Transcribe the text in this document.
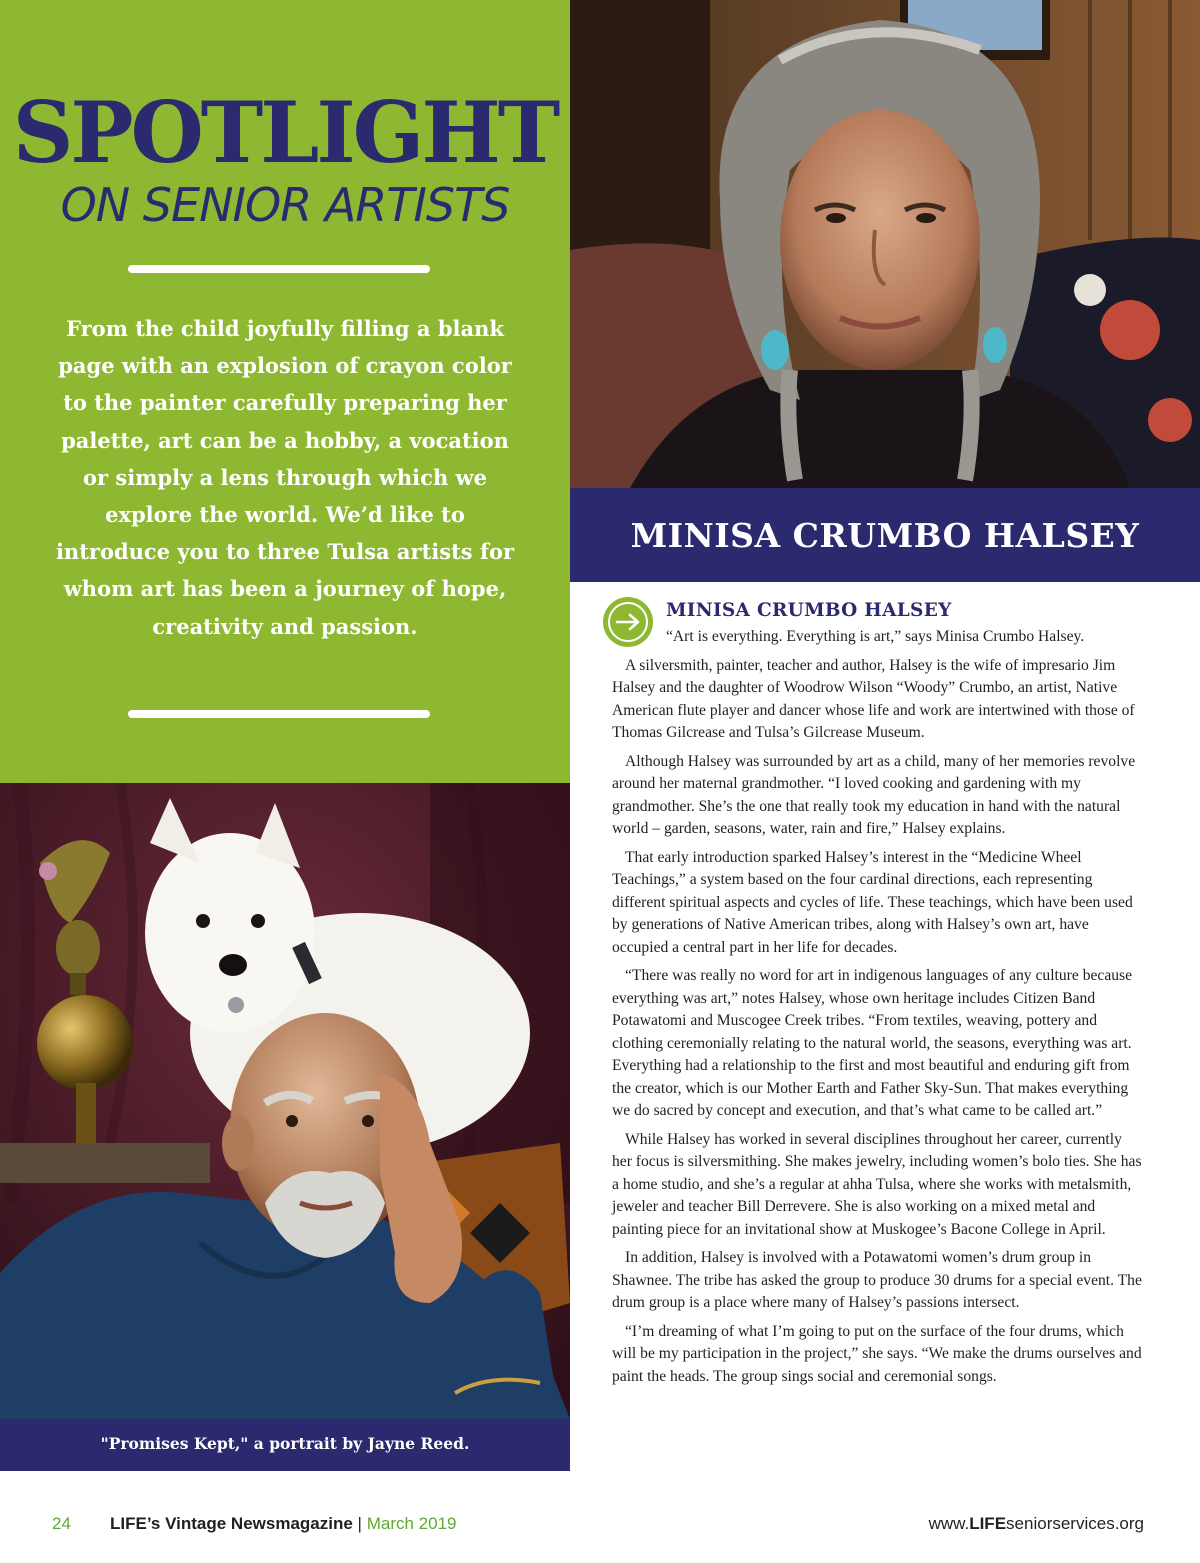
SPOTLIGHT
ON SENIOR ARTISTS
From the child joyfully filling a blank page with an explosion of crayon color to the painter carefully preparing her palette, art can be a hobby, a vocation or simply a lens through which we explore the world. We’d like to introduce you to three Tulsa artists for whom art has been a journey of hope, creativity and passion.
"Promises Kept," a portrait by Jayne Reed.
MINISA CRUMBO HALSEY
MINISA CRUMBO HALSEY

“Art is everything. Everything is art,” says Minisa Crumbo Halsey.

A silversmith, painter, teacher and author, Halsey is the wife of impresario Jim Halsey and the daughter of Woodrow Wilson “Woody” Crumbo, an artist, Native American flute player and dancer whose life and work are intertwined with those of Thomas Gilcrease and Tulsa’s Gilcrease Museum.

Although Halsey was surrounded by art as a child, many of her memories revolve around her maternal grandmother. “I loved cooking and gardening with my grandmother. She’s the one that really took my education in hand with the natural world – garden, seasons, water, rain and fire,” Halsey explains.

That early introduction sparked Halsey’s interest in the “Medicine Wheel Teachings,” a system based on the four cardinal directions, each representing different spiritual aspects and cycles of life. These teachings, which have been used by generations of Native American tribes, along with Halsey’s own art, have occupied a central part in her life for decades.

“There was really no word for art in indigenous languages of any culture because everything was art,” notes Halsey, whose own heritage includes Citizen Band Potawatomi and Muscogee Creek tribes. “From textiles, weaving, pottery and clothing ceremonially relating to the natural world, the seasons, everything was art. Everything had a relationship to the first and most beautiful and enduring gift from the creator, which is our Mother Earth and Father Sky-Sun. That makes everything we do sacred by concept and execution, and that’s what came to be called art.”

While Halsey has worked in several disciplines throughout her career, currently her focus is silversmithing. She makes jewelry, including women’s bolo ties. She has a home studio, and she’s a regular at ahha Tulsa, where she works with metalsmith, jeweler and teacher Bill Derrevere. She is also working on a mixed metal and painting piece for an invitational show at Muskogee’s Bacone College in April.

In addition, Halsey is involved with a Potawatomi women’s drum group in Shawnee. The tribe has asked the group to produce 30 drums for a special event. The drum group is a place where many of Halsey’s passions intersect.

“I’m dreaming of what I’m going to put on the surface of the four drums, which will be my participation in the project,” she says. “We make the drums ourselves and paint the heads. The group sings social and ceremonial songs.

24 LIFE’s Vintage Newsmagazine | March 2019	www.LIFEseniorservices.org
